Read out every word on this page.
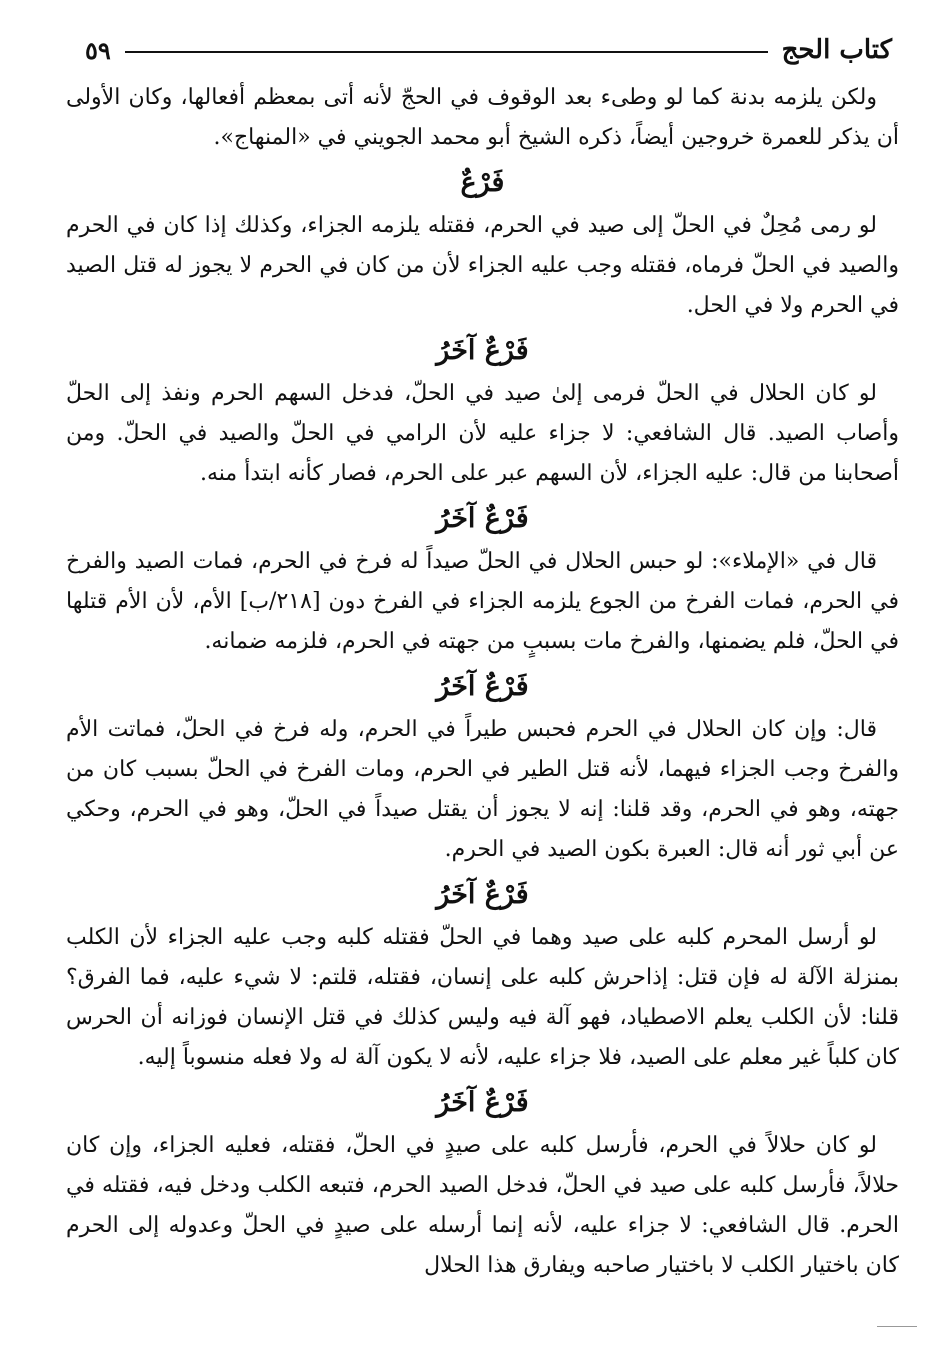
كتاب الحج
٥٩

ولكن يلزمه بدنة كما لو وطىء بعد الوقوف في الحجّ لأنه أتى بمعظم أفعالها، وكان الأولى أن يذكر للعمرة خروجين أيضاً، ذكره الشيخ أبو محمد الجويني في «المنهاج».

فَرْعٌ

لو رمى مُحِلٌ في الحلّ إلى صيد في الحرم، فقتله يلزمه الجزاء، وكذلك إذا كان في الحرم والصيد في الحلّ فرماه، فقتله وجب عليه الجزاء لأن من كان في الحرم لا يجوز له قتل الصيد في الحرم ولا في الحل.

فَرْعٌ آخَرُ

لو كان الحلال في الحلّ فرمى إلىٰ صيد في الحلّ، فدخل السهم الحرم ونفذ إلى الحلّ وأصاب الصيد. قال الشافعي: لا جزاء عليه لأن الرامي في الحلّ والصيد في الحلّ. ومن أصحابنا من قال: عليه الجزاء، لأن السهم عبر على الحرم، فصار كأنه ابتدأ منه.

فَرْعٌ آخَرُ

قال في «الإملاء»: لو حبس الحلال في الحلّ صيداً له فرخ في الحرم، فمات الصيد والفرخ في الحرم، فمات الفرخ من الجوع يلزمه الجزاء في الفرخ دون [٢١٨/ب] الأم، لأن الأم قتلها في الحلّ، فلم يضمنها، والفرخ مات بسببٍ من جهته في الحرم، فلزمه ضمانه.

فَرْعٌ آخَرُ

قال: وإن كان الحلال في الحرم فحبس طيراً في الحرم، وله فرخ في الحلّ، فماتت الأم والفرخ وجب الجزاء فيهما، لأنه قتل الطير في الحرم، ومات الفرخ في الحلّ بسبب كان من جهته، وهو في الحرم، وقد قلنا: إنه لا يجوز أن يقتل صيداً في الحلّ، وهو في الحرم، وحكي عن أبي ثور أنه قال: العبرة بكون الصيد في الحرم.

فَرْعٌ آخَرُ

لو أرسل المحرم كلبه على صيد وهما في الحلّ فقتله كلبه وجب عليه الجزاء لأن الكلب بمنزلة الآلة له فإن قتل: إذاحرش كلبه على إنسان، فقتله، قلتم: لا شيء عليه، فما الفرق؟ قلنا: لأن الكلب يعلم الاصطياد، فهو آلة فيه وليس كذلك في قتل الإنسان فوزانه أن الحرس كان كلباً غير معلم على الصيد، فلا جزاء عليه، لأنه لا يكون آلة له ولا فعله منسوباً إليه.

فَرْعٌ آخَرُ

لو كان حلالاً في الحرم، فأرسل كلبه على صيدٍ في الحلّ، فقتله، فعليه الجزاء، وإن كان حلالاً، فأرسل كلبه على صيد في الحلّ، فدخل الصيد الحرم، فتبعه الكلب ودخل فيه، فقتله في الحرم. قال الشافعي: لا جزاء عليه، لأنه إنما أرسله على صيدٍ في الحلّ وعدوله إلى الحرم كان باختيار الكلب لا باختيار صاحبه ويفارق هذا الحلال
